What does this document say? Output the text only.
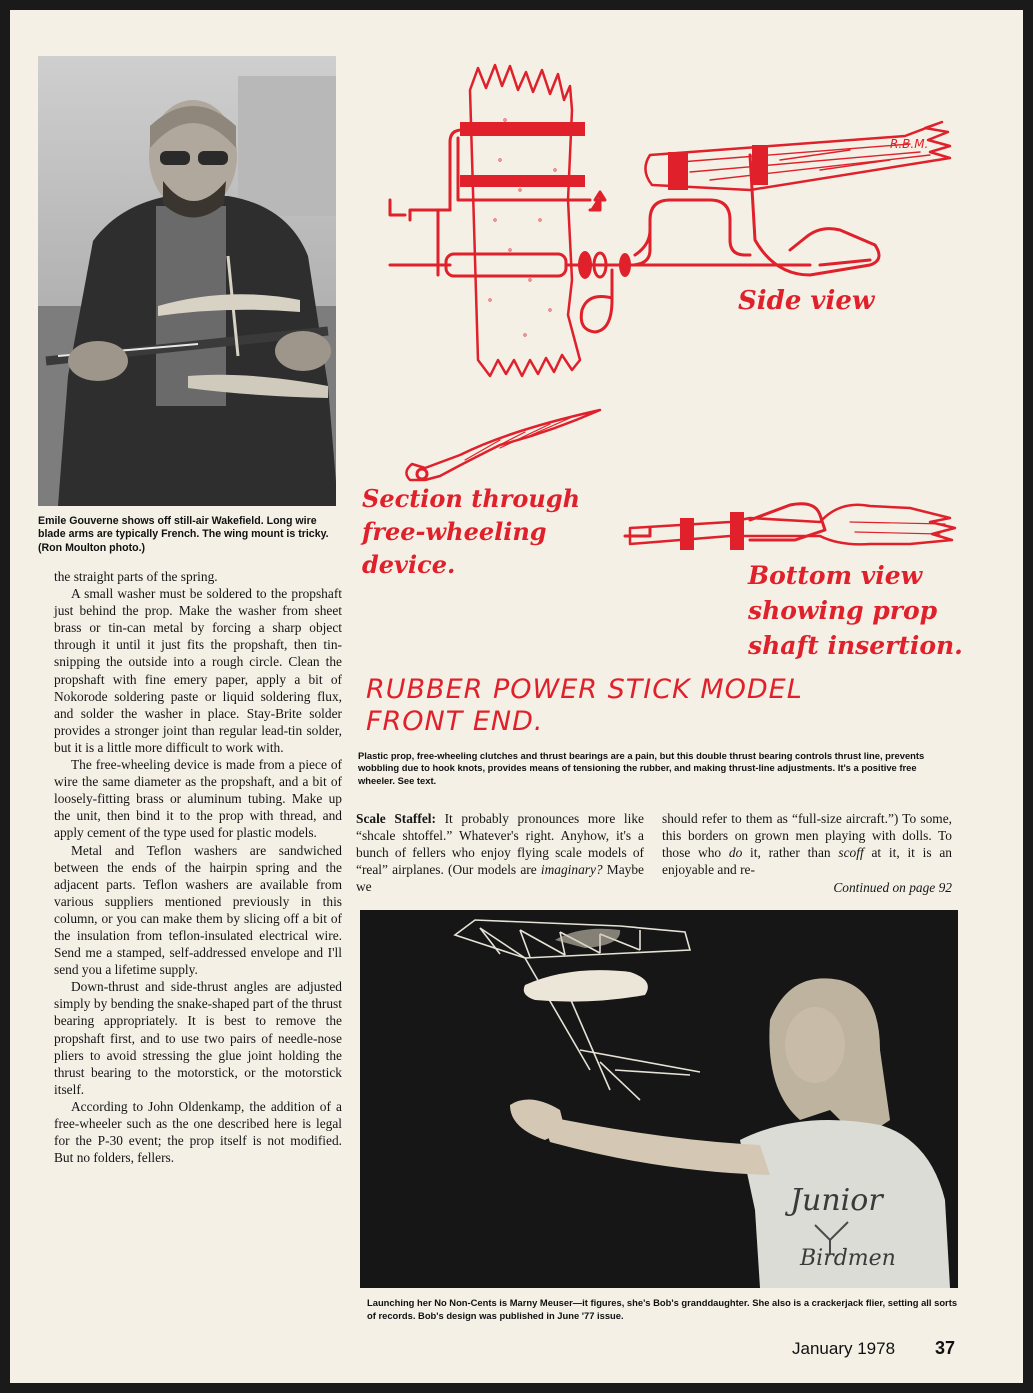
Emile Gouverne shows off still-air Wakefield. Long wire blade arms are typically French. The wing mount is tricky. (Ron Moulton photo.)

the straight parts of the spring.

A small washer must be soldered to the propshaft just behind the prop. Make the washer from sheet brass or tin-can metal by forcing a sharp object through it until it just fits the propshaft, then tin-snipping the outside into a rough circle. Clean the propshaft with fine emery paper, apply a bit of Nokorode soldering paste or liquid soldering flux, and solder the washer in place. Stay-Brite solder provides a stronger joint than regular lead-tin solder, but it is a little more difficult to work with.

The free-wheeling device is made from a piece of wire the same diameter as the propshaft, and a bit of loosely-fitting brass or aluminum tubing. Make up the unit, then bind it to the prop with thread, and apply cement of the type used for plastic models.

Metal and Teflon washers are sandwiched between the ends of the hairpin spring and the adjacent parts. Teflon washers are available from various suppliers mentioned previously in this column, or you can make them by slicing off a bit of the insulation from teflon-insulated electrical wire. Send me a stamped, self-addressed envelope and I'll send you a lifetime supply.

Down-thrust and side-thrust angles are adjusted simply by bending the snake-shaped part of the thrust bearing appropriately. It is best to remove the propshaft first, and to use two pairs of needle-nose pliers to avoid stressing the glue joint holding the thrust bearing to the motorstick, or the motorstick itself.

According to John Oldenkamp, the addition of a free-wheeler such as the one described here is legal for the P-30 event; the prop itself is not modified. But no folders, fellers.

R.B.M.
Side view
Section through
free-wheeling
device.	Bottom view
showing prop
shaft insertion.
RUBBER POWER STICK MODEL
FRONT END.
Plastic prop, free-wheeling clutches and thrust bearings are a pain, but this double thrust bearing controls thrust line, prevents wobbling due to hook knots, provides means of tensioning the rubber, and making thrust-line adjustments. It's a positive free wheeler. See text.
Scale Staffel: It probably pronounces more like “shcale shtoffel.” Whatever's right. Anyhow, it's a bunch of fellers who enjoy flying scale models of “real” airplanes. (Our models are imaginary? Maybe we
should refer to them as “full-size aircraft.”) To some, this borders on grown men playing with dolls. To those who do it, rather than scoff at it, it is an enjoyable and re-
Continued on page 92
Junior
Birdmen
Launching her No Non-Cents is Marny Meuser—it figures, she's Bob's granddaughter. She also is a crackerjack flier, setting all sorts of records. Bob's design was published in June '77 issue.
January 1978 37
